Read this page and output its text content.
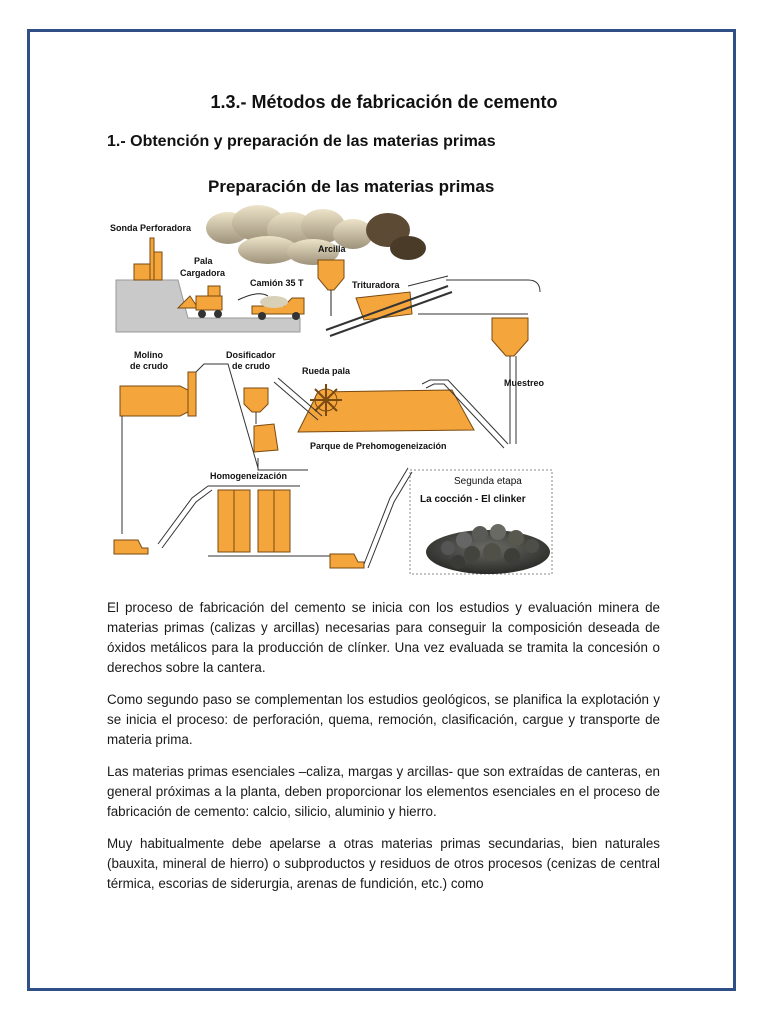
1.3.- Métodos de fabricación de cemento
1.- Obtención y preparación de las materias primas
Preparación de las materias primas
Sonda Perforadora
Pala
Cargadora
Camión 35 T
Arcilla
Trituradora
Muestreo
Parque de Prehomogeneización
Rueda pala
Molino
de crudo
Dosificador
de crudo
Homogeneización	Segunda etapa
La cocción - El clinker

El proceso de fabricación del cemento se inicia con los estudios y evaluación minera de materias primas (calizas y arcillas) necesarias para conseguir la composición deseada de óxidos metálicos para la producción de clínker. Una vez evaluada se tramita la concesión o derechos sobre la cantera.

Como segundo paso se complementan los estudios geológicos, se planifica la explotación y se inicia el proceso: de perforación, quema, remoción, clasificación, cargue y transporte de materia prima.

Las materias primas esenciales –caliza, margas y arcillas- que son extraídas de canteras, en general próximas a la planta, deben proporcionar los elementos esenciales en el proceso de fabricación de cemento: calcio, silicio, aluminio y hierro.

Muy habitualmente debe apelarse a otras materias primas secundarias, bien naturales (bauxita, mineral de hierro) o subproductos y residuos de otros procesos (cenizas de central térmica, escorias de siderurgia, arenas de fundición, etc.) como
